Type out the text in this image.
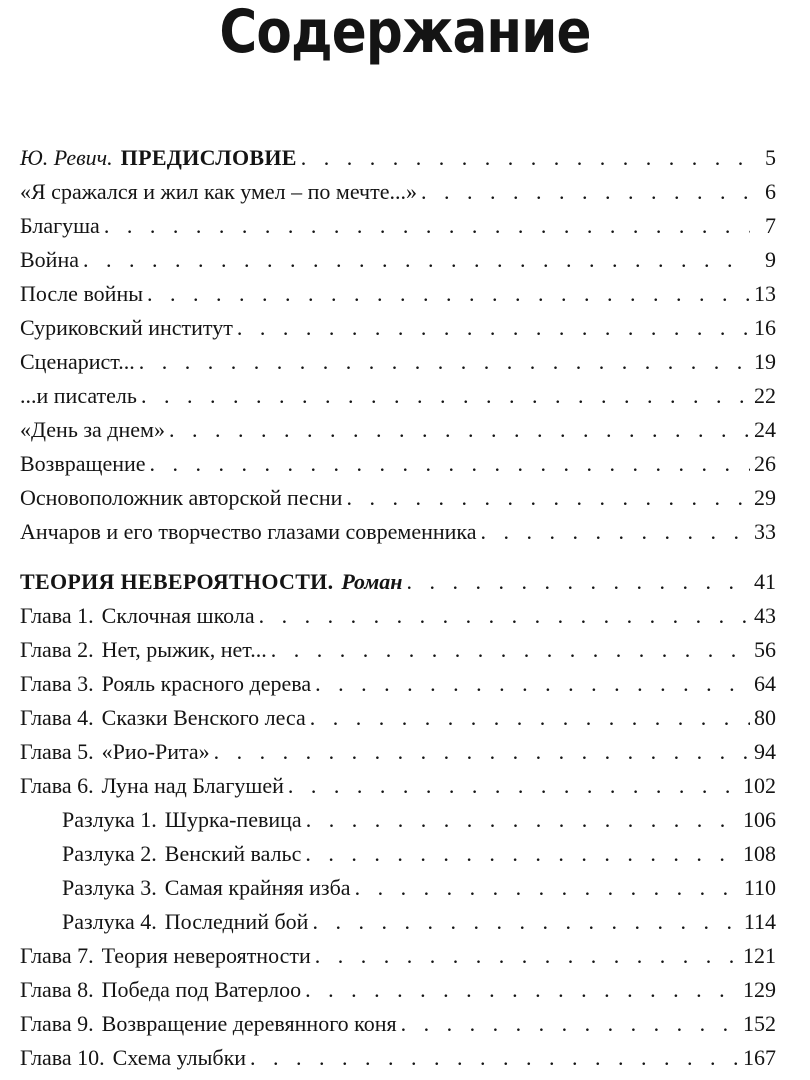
Содержание
Ю. Ревич. ПРЕДИСЛОВИЕ . . .	5
«Я сражался и жил как умел – по мечте...» . . .	6
Благуша . . .	7
Война . . .	9
После войны . . .	13
Суриковский институт . . .	16
Сценарист... . . .	19
...и писатель . . .	22
«День за днем» . . .	24
Возвращение . . .	26
Основоположник авторской песни . . .	29
Анчаров и его творчество глазами современника . . .	33
ТЕОРИЯ НЕВЕРОЯТНОСТИ. Роман . . .	41
Глава 1. Склочная школа . . .	43
Глава 2. Нет, рыжик, нет... . . .	56
Глава 3. Рояль красного дерева . . .	64
Глава 4. Сказки Венского леса . . .	80
Глава 5. «Рио-Рита» . . .	94
Глава 6. Луна над Благушей . . .	102
Разлука 1. Шурка-певица . . .	106
Разлука 2. Венский вальс . . .	108
Разлука 3. Самая крайняя изба . . .	110
Разлука 4. Последний бой . . .	114
Глава 7. Теория невероятности . . .	121
Глава 8. Победа под Ватерлоо . . .	129
Глава 9. Возвращение деревянного коня . . .	152
Глава 10. Схема улыбки . . .	167
